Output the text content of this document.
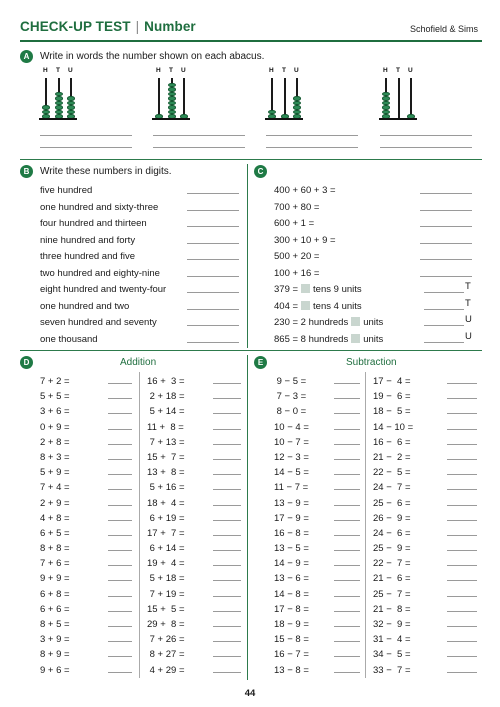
CHECK-UP TEST | Number	Schofield & Sims
A	Write in words the number shown on each abacus.
H T U	H T U	H T U	H T U
B	Write these numbers in digits.
five hundred
one hundred and sixty-three
four hundred and thirteen
nine hundred and forty
three hundred and five
two hundred and eighty-nine
eight hundred and twenty-four
one hundred and two
seven hundred and seventy
one thousand
C
400 + 60 + 3 =
700 + 80 =
600 + 1 =
300 + 10 + 9 =
500 + 20 =
100 + 16 =
379 = tens 9 units	T
404 = tens 4 units	T
230 = 2 hundreds units	U
865 = 8 hundreds units	U
D	Addition
7 + 2 =
5 + 5 =
3 + 6 =
0 + 9 =
2 + 8 =
8 + 3 =
5 + 9 =
7 + 4 =
2 + 9 =
4 + 8 =
6 + 5 =
8 + 8 =
7 + 6 =
9 + 9 =
6 + 8 =
6 + 6 =
8 + 5 =
3 + 9 =
8 + 9 =
9 + 6 =
16 +  3 =
2 + 18 =
5 + 14 =
11 +  8 =
7 + 13 =
15 +  7 =
13 +  8 =
5 + 16 =
18 +  4 =
6 + 19 =
17 +  7 =
6 + 14 =
19 +  4 =
5 + 18 =
7 + 19 =
15 +  5 =
29 +  8 =
7 + 26 =
8 + 27 =
4 + 29 =
E	Subtraction
9 − 5 =
7 − 3 =
8 − 0 =
10 − 4 =
10 − 7 =
12 − 3 =
14 − 5 =
11 − 7 =
13 − 9 =
17 − 9 =
16 − 8 =
13 − 5 =
14 − 9 =
13 − 6 =
14 − 8 =
17 − 8 =
18 − 9 =
15 − 8 =
16 − 7 =
13 − 8 =
17 −  4 =
19 −  6 =
18 −  5 =
14 − 10 =
16 −  6 =
21 −  2 =
22 −  5 =
24 −  7 =
25 −  6 =
26 −  9 =
24 −  6 =
25 −  9 =
22 −  7 =
21 −  6 =
25 −  7 =
21 −  8 =
32 −  9 =
31 −  4 =
34 −  5 =
33 −  7 =
44
